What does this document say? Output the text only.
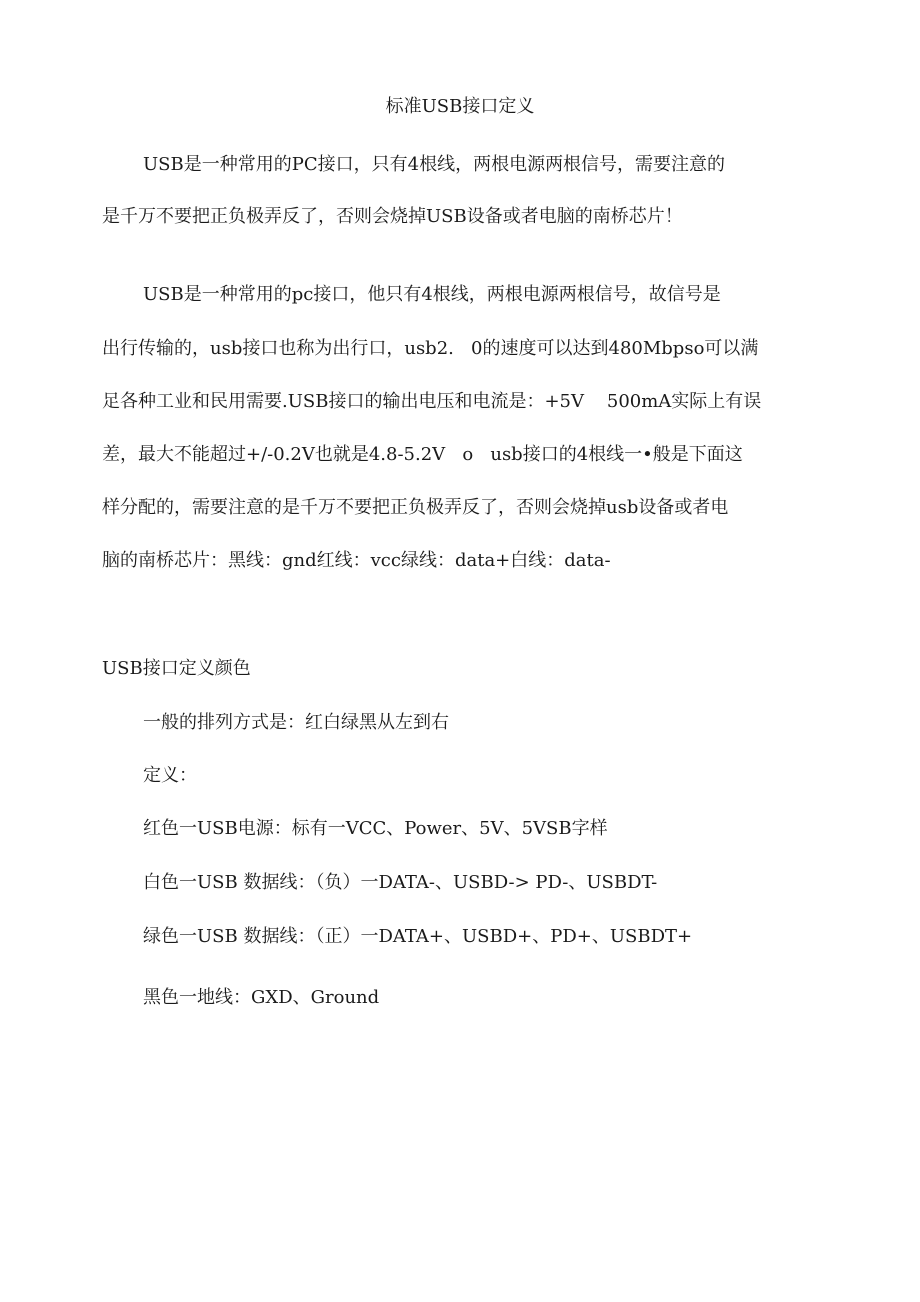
标准USB接口定义
USB是一种常用的PC接口，只有4根线，两根电源两根信号，需要注意的
是千万不要把正负极弄反了，否则会烧掉USB设备或者电脑的南桥芯片！
USB是一种常用的pc接口，他只有4根线，两根电源两根信号，故信号是
出行传输的，usb接口也称为出行口，usb2.   0的速度可以达到480Mbpso可以满
足各种工业和民用需要.USB接口的输出电压和电流是：+5V    500mA实际上有误
差，最大不能超过+/-0.2V也就是4.8-5.2V   o   usb接口的4根线一•般是下面这
样分配的，需要注意的是千万不要把正负极弄反了，否则会烧掉usb设备或者电
脑的南桥芯片：黑线：gnd红线：vcc绿线：data+白线：data-
USB接口定义颜色
一般的排列方式是：红白绿黑从左到右
定义：
红色一USB电源：标有一VCC、Power、5V、5VSB字样
白色一USB 数据线：（负）一DATA-、USBD-> PD-、USBDT-
绿色一USB 数据线：（正）一DATA+、USBD+、PD+、USBDT+
黑色一地线：GXD、Ground
